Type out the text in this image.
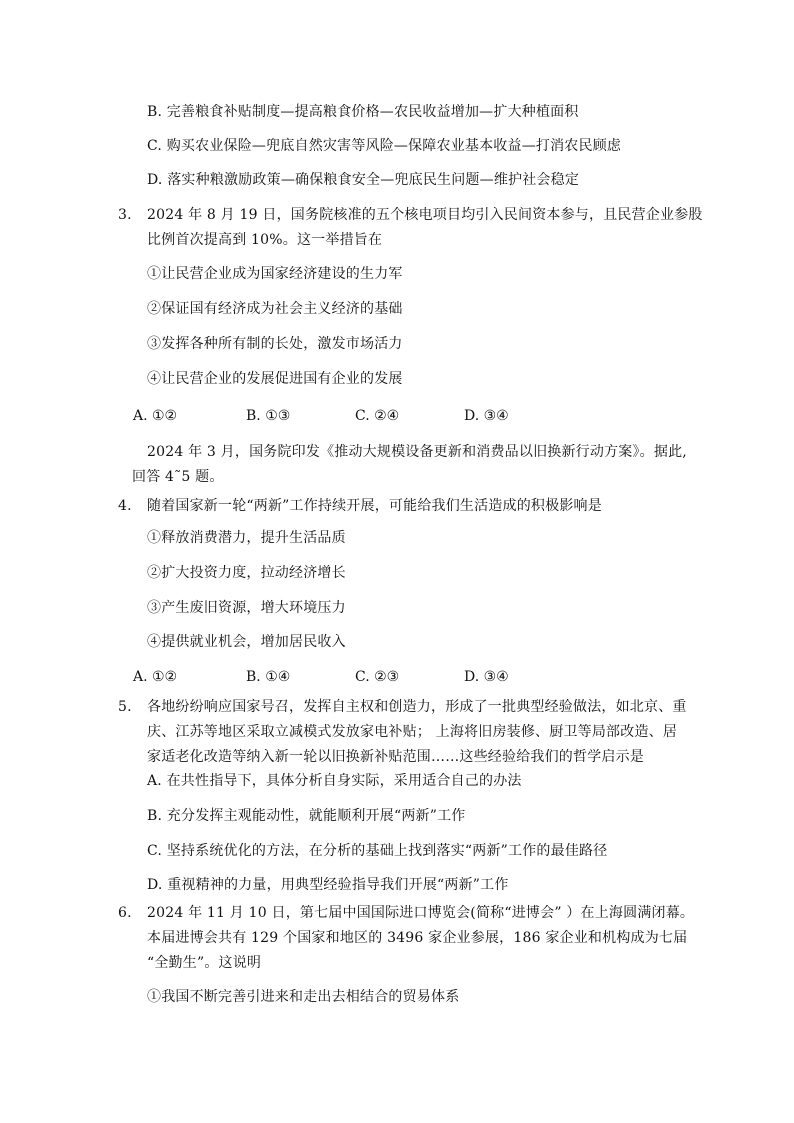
B. 完善粮食补贴制度—提高粮食价格—农民收益增加—扩大种植面积
C. 购买农业保险—兜底自然灾害等风险—保障农业基本收益—打消农民顾虑
D. 落实种粮激励政策—确保粮食安全—兜底民生问题—维护社会稳定
3. 2024 年 8 月 19 日，国务院核准的五个核电项目均引入民间资本参与，且民营企业参股
比例首次提高到 10%。这一举措旨在
①让民营企业成为国家经济建设的生力军
②保证国有经济成为社会主义经济的基础
③发挥各种所有制的长处，激发市场活力
④让民营企业的发展促进国有企业的发展
A. ①②	B. ①③	C. ②④	D. ③④
2024 年 3 月，国务院印发《推动大规模设备更新和消费品以旧换新行动方案》。据此,
回答 4˜5 题。
4. 随着国家新一轮“两新”工作持续开展，可能给我们生活造成的积极影响是
①释放消费潜力，提升生活品质
②扩大投资力度，拉动经济增长
③产生废旧资源，增大环境压力
④提供就业机会，增加居民收入
A. ①②	B. ①④	C. ②③	D. ③④
5. 各地纷纷响应国家号召，发挥自主权和创造力，形成了一批典型经验做法，如北京、重
庆、江苏等地区采取立减模式发放家电补贴； 上海将旧房装修、厨卫等局部改造、居
家适老化改造等纳入新一轮以旧换新补贴范围……这些经验给我们的哲学启示是
A. 在共性指导下，具体分析自身实际，采用适合自己的办法
B. 充分发挥主观能动性，就能顺利开展“两新”工作
C. 坚持系统优化的方法，在分析的基础上找到落实“两新”工作的最佳路径
D. 重视精神的力量，用典型经验指导我们开展“两新”工作
6. 2024 年 11 月 10 日，第七届中国国际进口博览会(简称“进博会” ）在上海圆满闭幕。
本届进博会共有 129 个国家和地区的 3496 家企业参展，186 家企业和机构成为七届
“全勤生”。这说明
①我国不断完善引进来和走出去相结合的贸易体系
